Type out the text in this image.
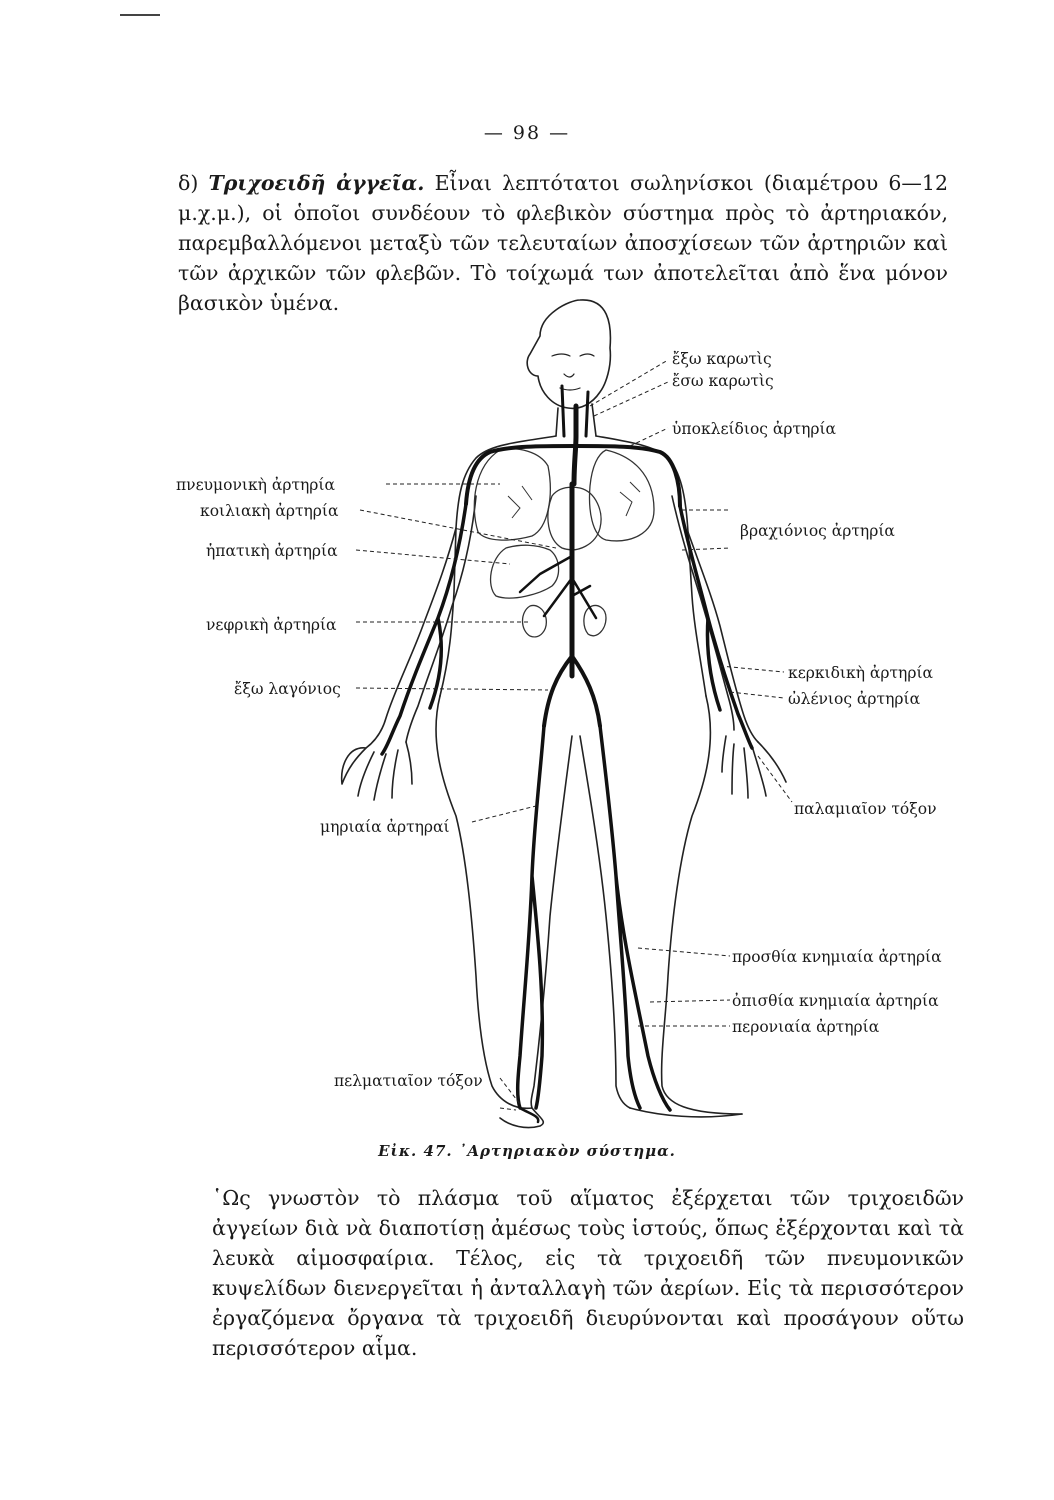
— 98 —

δ) Τριχοειδῆ ἀγγεῖα. Εἶναι λεπτότατοι σωληνίσκοι (διαμέτρου 6—12 μ.χ.μ.), οἱ ὁποῖοι συνδέουν τὸ φλεβικὸν σύστημα πρὸς τὸ ἀρτηριακόν, παρεμβαλλόμενοι μεταξὺ τῶν τελευταίων ἀποσχίσεων τῶν ἀρτηριῶν καὶ τῶν ἀρχικῶν τῶν φλεβῶν. Τὸ τοίχωμά των ἀποτελεῖται ἀπὸ ἕνα μόνον βασικὸν ὑμένα.

ἔξω καρωτὶς
ἔσω καρωτὶς
ὑποκλείδιος ἀρτηρία
πνευμονικὴ ἀρτηρία
κοιλιακὴ ἀρτηρία
βραχιόνιος ἀρτηρία
ἡπατικὴ ἀρτηρία
νεφρικὴ ἀρτηρία
κερκιδικὴ ἀρτηρία
ἔξω λαγόνιος
ὠλένιος ἀρτηρία
παλαμιαῖον τόξον
μηριαία ἀρτηραί
προσθία κνημιαία ἀρτηρία
ὀπισθία κνημιαία ἀρτηρία
περονιαία ἀρτηρία
πελματιαῖον τόξον
Εἰκ. 47. ᾿Αρτηριακὸν σύστημα.

῾Ως γνωστὸν τὸ πλάσμα τοῦ αἵματος ἐξέρχεται τῶν τριχοειδῶν ἀγγείων διὰ νὰ διαποτίσῃ ἀμέσως τοὺς ἱστούς, ὅπως ἐξέρχονται καὶ τὰ λευκὰ αἱμοσφαίρια. Τέλος, εἰς τὰ τριχοειδῆ τῶν πνευμονικῶν κυψελίδων διενεργεῖται ἡ ἀνταλλαγὴ τῶν ἀερίων. Εἰς τὰ περισσότερον ἐργαζόμενα ὄργανα τὰ τριχοειδῆ διευρύνονται καὶ προσάγουν οὕτω περισσότερον αἷμα.
